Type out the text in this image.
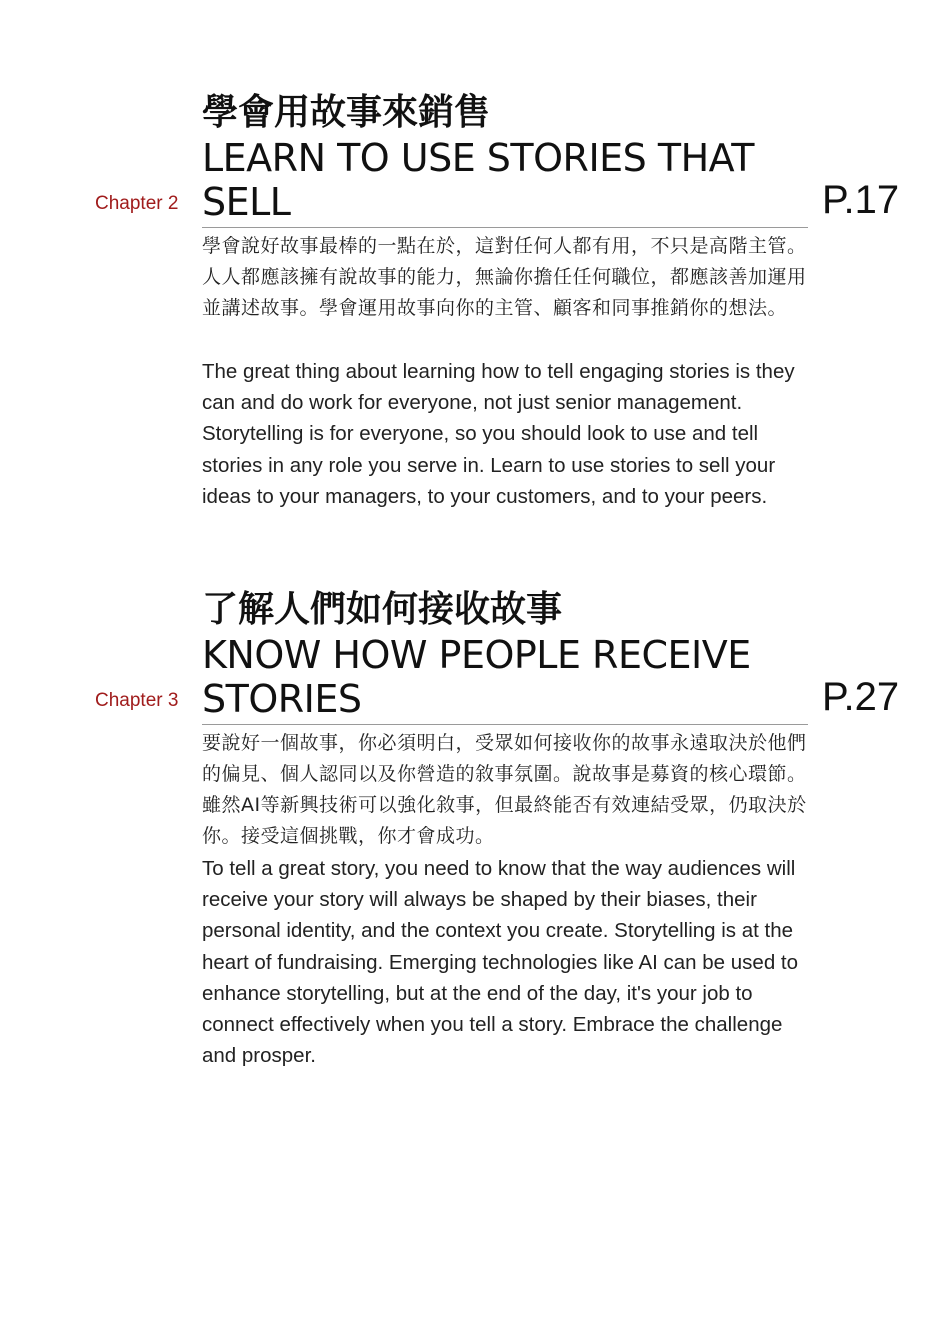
學會用故事來銷售
LEARN TO USE STORIES THAT SELL
Chapter 2	P.17
學會說好故事最棒的一點在於，這對任何人都有用，不只是高階主管。人人都應該擁有說故事的能力，無論你擔任任何職位，都應該善加運用並講述故事。學會運用故事向你的主管、顧客和同事推銷你的想法。
The great thing about learning how to tell engaging stories is they can and do work for everyone, not just senior management. Storytelling is for everyone, so you should look to use and tell stories in any role you serve in. Learn to use stories to sell your ideas to your managers, to your customers, and to your peers.
了解人們如何接收故事
KNOW HOW PEOPLE RECEIVE STORIES
Chapter 3	P.27
要說好一個故事，你必須明白，受眾如何接收你的故事永遠取決於他們的偏見、個人認同以及你營造的敘事氛圍。說故事是募資的核心環節。雖然AI等新興技術可以強化敘事，但最終能否有效連結受眾，仍取決於你。接受這個挑戰，你才會成功。
To tell a great story, you need to know that the way audiences will receive your story will always be shaped by their biases, their personal identity, and the context you create. Storytelling is at the heart of fundraising. Emerging technologies like AI can be used to enhance storytelling, but at the end of the day, it's your job to connect effectively when you tell a story. Embrace the challenge and prosper.
